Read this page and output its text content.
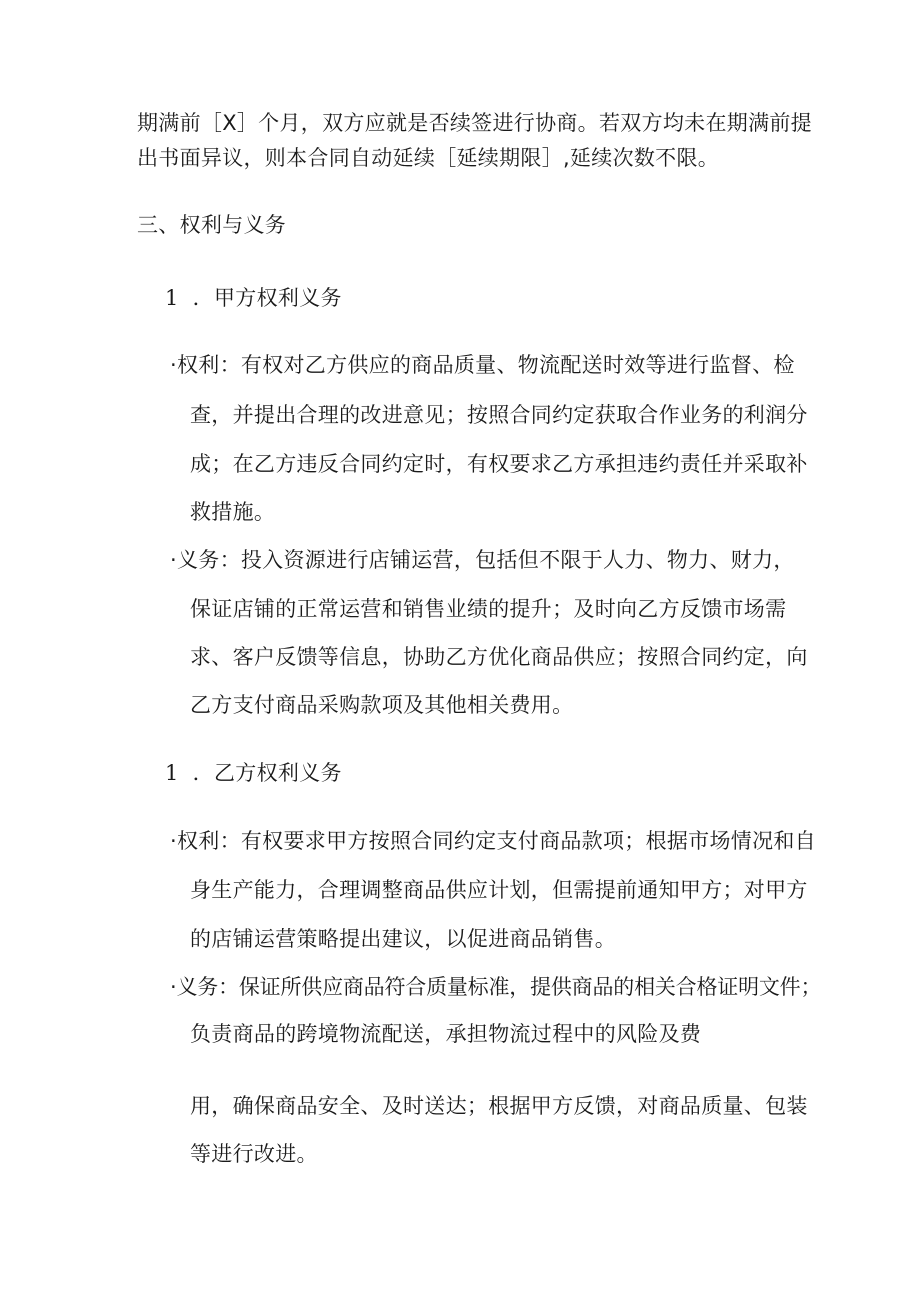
期满前［X］个月，双方应就是否续签进行协商。若双方均未在期满前提
出书面异议，则本合同自动延续［延续期限］,延续次数不限。
三、权利与义务
1 ．甲方权利义务
·权利：有权对乙方供应的商品质量、物流配送时效等进行监督、检
查，并提出合理的改进意见；按照合同约定获取合作业务的利润分
成；在乙方违反合同约定时，有权要求乙方承担违约责任并采取补
救措施。
·义务：投入资源进行店铺运营，包括但不限于人力、物力、财力，
保证店铺的正常运营和销售业绩的提升；及时向乙方反馈市场需
求、客户反馈等信息，协助乙方优化商品供应；按照合同约定，向
乙方支付商品采购款项及其他相关费用。
1 ．乙方权利义务
·权利：有权要求甲方按照合同约定支付商品款项；根据市场情况和自
身生产能力，合理调整商品供应计划，但需提前通知甲方；对甲方
的店铺运营策略提出建议，以促进商品销售。
·义务：保证所供应商品符合质量标准，提供商品的相关合格证明文件；
负责商品的跨境物流配送，承担物流过程中的风险及费
用，确保商品安全、及时送达；根据甲方反馈，对商品质量、包装
等进行改进。
